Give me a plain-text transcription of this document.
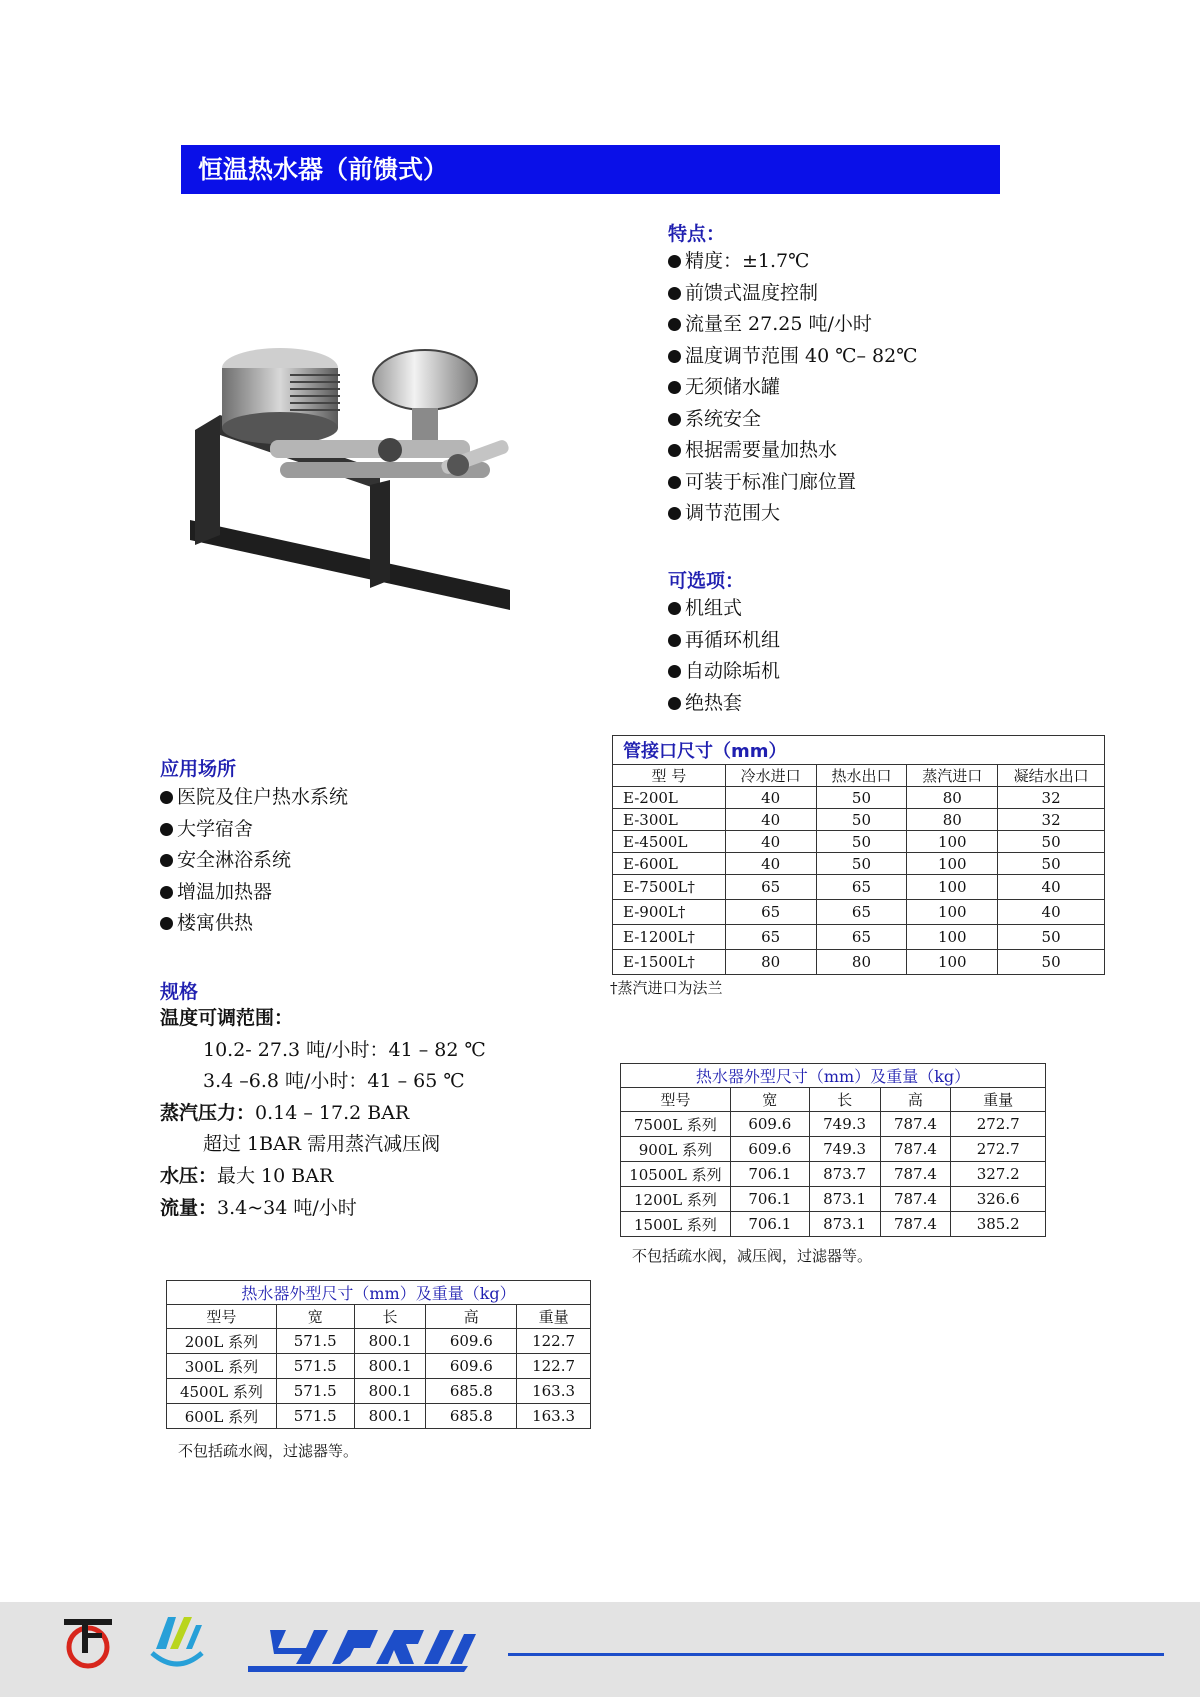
恒温热水器（前馈式）
特点：
精度：±1.7℃
前馈式温度控制
流量至 27.25 吨/小时
温度调节范围 40 ℃– 82℃
无须储水罐
系统安全
根据需要量加热水
可装于标准门廊位置
调节范围大
可选项：
机组式
再循环机组
自动除垢机
绝热套
应用场所
医院及住户热水系统
大学宿舍
安全淋浴系统
增温加热器
楼寓供热
规格
温度可调范围：
10.2- 27.3 吨/小时：41 – 82 ℃
3.4 –6.8 吨/小时：41 – 65 ℃
蒸汽压力：0.14 – 17.2 BAR
超过 1BAR 需用蒸汽减压阀
水压：最大 10 BAR
流量：3.4~34 吨/小时
管接口尺寸（mm）				
型 号	冷水进口	热水出口	蒸汽进口	凝结水出口
E-200L	40	50	80	32
E-300L	40	50	80	32
E-4500L	40	50	100	50
E-600L	40	50	100	50
E-7500L†	65	65	100	40
E-900L†	65	65	100	40
E-1200L†	65	65	100	50
E-1500L†	80	80	100	50
†蒸汽进口为法兰
热水器外型尺寸（mm）及重量（kg）				
型号	宽	长	高	重量
7500L 系列	609.6	749.3	787.4	272.7
900L 系列	609.6	749.3	787.4	272.7
10500L 系列	706.1	873.7	787.4	327.2
1200L 系列	706.1	873.1	787.4	326.6
1500L 系列	706.1	873.1	787.4	385.2
不包括疏水阀，减压阀，过滤器等。
热水器外型尺寸（mm）及重量（kg）				
型号	宽	长	高	重量
200L 系列	571.5	800.1	609.6	122.7
300L 系列	571.5	800.1	609.6	122.7
4500L 系列	571.5	800.1	685.8	163.3
600L 系列	571.5	800.1	685.8	163.3
不包括疏水阀，过滤器等。
